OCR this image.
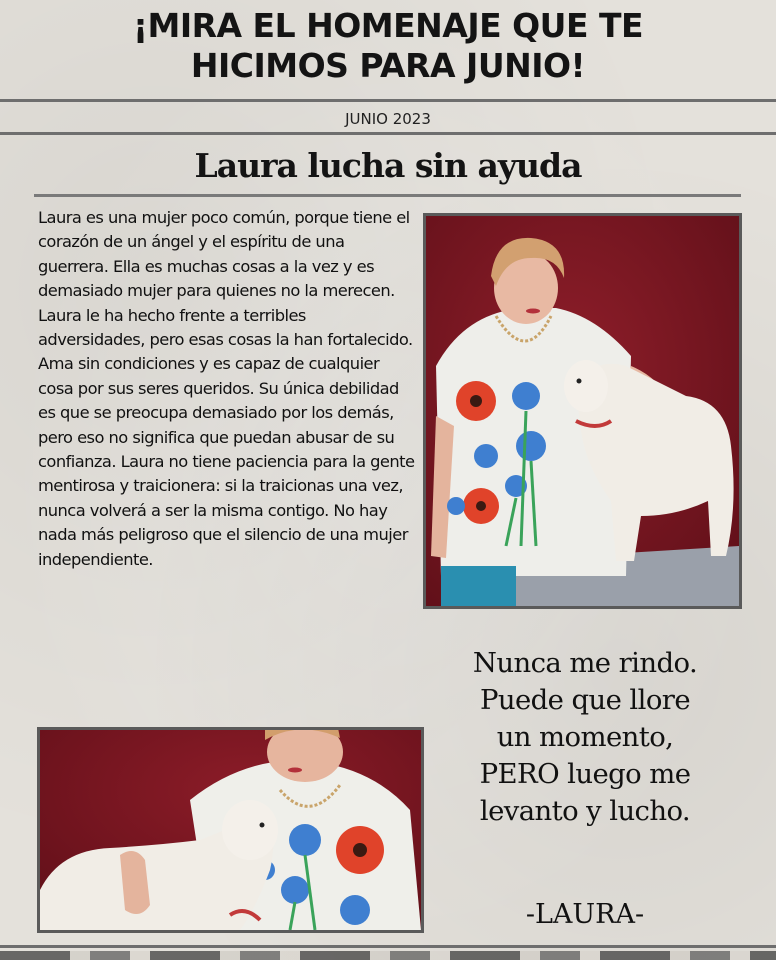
¡MIRA EL HOMENAJE QUE TE
HICIMOS PARA JUNIO!
JUNIO 2023
Laura lucha sin ayuda

Laura es una mujer poco común, porque tiene el corazón de un ángel y el espíritu de una guerrera. Ella es muchas cosas a la vez y es demasiado mujer para quienes no la merecen. Laura le ha hecho frente a terribles adversidades, pero esas cosas la han fortalecido. Ama sin condiciones y es capaz de cualquier cosa por sus seres queridos. Su única debilidad es que se preocupa demasiado por los demás, pero eso no significa que puedan abusar de su confianza. Laura no tiene paciencia para la gente mentirosa y traicionera: si la traicionas una vez, nunca volverá a ser la misma contigo. No hay nada más peligroso que el silencio de una mujer independiente.

Nunca me rindo.
Puede que llore
un momento,
PERO luego me
levanto y lucho.
-LAURA-
